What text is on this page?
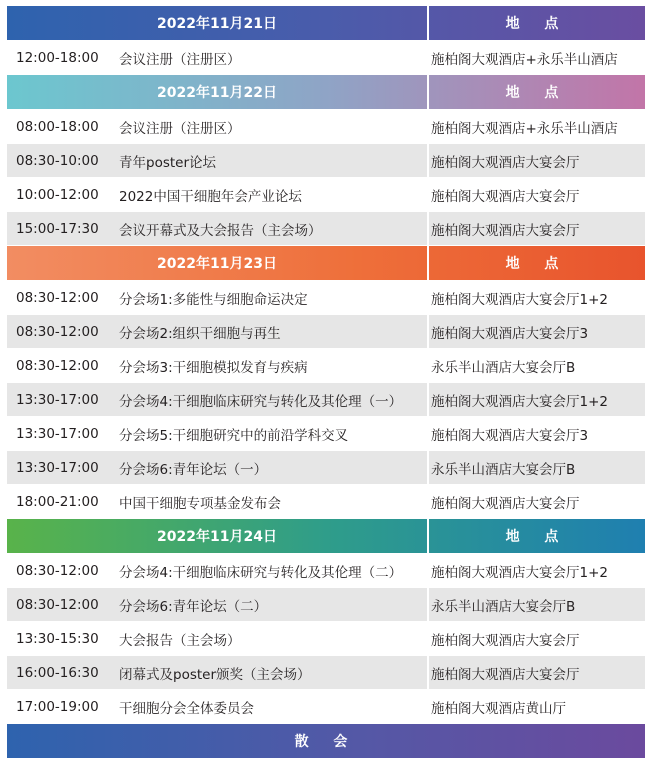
2022年11月21日	地 点
12:00-18:00	会议注册（注册区）	施柏阁大观酒店+永乐半山酒店
2022年11月22日	地 点
08:00-18:00	会议注册（注册区）	施柏阁大观酒店+永乐半山酒店
08:30-10:00	青年poster论坛	施柏阁大观酒店大宴会厅
10:00-12:00	2022中国干细胞年会产业论坛	施柏阁大观酒店大宴会厅
15:00-17:30	会议开幕式及大会报告（主会场）	施柏阁大观酒店大宴会厅
2022年11月23日	地 点
08:30-12:00	分会场1:多能性与细胞命运决定	施柏阁大观酒店大宴会厅1+2
08:30-12:00	分会场2:组织干细胞与再生	施柏阁大观酒店大宴会厅3
08:30-12:00	分会场3:干细胞模拟发育与疾病	永乐半山酒店大宴会厅B
13:30-17:00	分会场4:干细胞临床研究与转化及其伦理（一）	施柏阁大观酒店大宴会厅1+2
13:30-17:00	分会场5:干细胞研究中的前沿学科交叉	施柏阁大观酒店大宴会厅3
13:30-17:00	分会场6:青年论坛（一）	永乐半山酒店大宴会厅B
18:00-21:00	中国干细胞专项基金发布会	施柏阁大观酒店大宴会厅
2022年11月24日	地 点
08:30-12:00	分会场4:干细胞临床研究与转化及其伦理（二）	施柏阁大观酒店大宴会厅1+2
08:30-12:00	分会场6:青年论坛（二）	永乐半山酒店大宴会厅B
13:30-15:30	大会报告（主会场）	施柏阁大观酒店大宴会厅
16:00-16:30	闭幕式及poster颁奖（主会场）	施柏阁大观酒店大宴会厅
17:00-19:00	干细胞分会全体委员会	施柏阁大观酒店黄山厅
散 会
